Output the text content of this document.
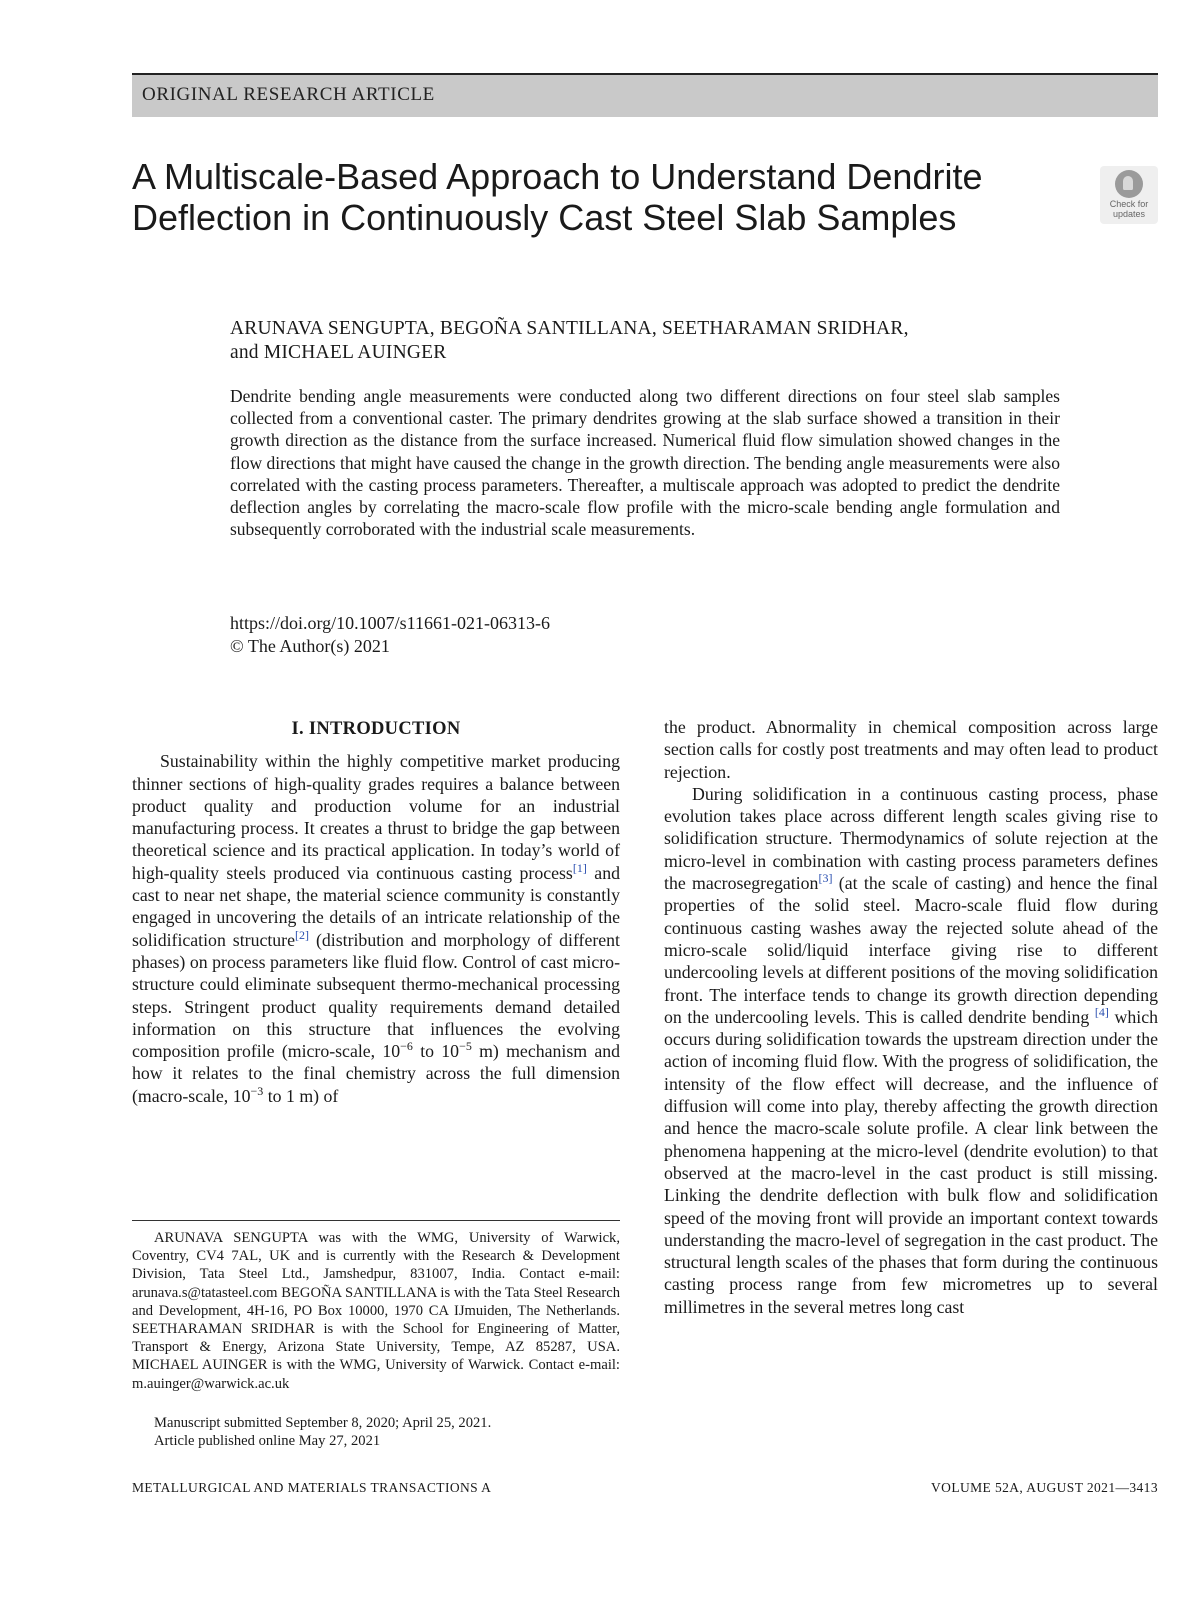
ORIGINAL RESEARCH ARTICLE
A Multiscale-Based Approach to Understand Dendrite Deflection in Continuously Cast Steel Slab Samples	Check for
updates
ARUNAVA SENGUPTA, BEGOÑA SANTILLANA, SEETHARAMAN SRIDHAR,
and MICHAEL AUINGER

Dendrite bending angle measurements were conducted along two different directions on four steel slab samples collected from a conventional caster. The primary dendrites growing at the slab surface showed a transition in their growth direction as the distance from the surface increased. Numerical fluid flow simulation showed changes in the flow directions that might have caused the change in the growth direction. The bending angle measurements were also correlated with the casting process parameters. Thereafter, a multiscale approach was adopted to predict the dendrite deflection angles by correlating the macro-scale flow profile with the micro-scale bending angle formulation and subsequently corroborated with the industrial scale measurements.

https://doi.org/10.1007/s11661-021-06313-6
© The Author(s) 2021
I. INTRODUCTION

Sustainability within the highly competitive market producing thinner sections of high-quality grades requires a balance between product quality and production volume for an industrial manufacturing process. It creates a thrust to bridge the gap between theoretical science and its practical application. In today’s world of high-quality steels produced via continuous casting process[1] and cast to near net shape, the material science community is constantly engaged in uncovering the details of an intricate relationship of the solidification structure[2] (distribution and morphology of different phases) on process parameters like fluid flow. Control of cast micro-structure could eliminate subsequent thermo-mechanical processing steps. Stringent product quality requirements demand detailed information on this structure that influences the evolving composition profile (micro-scale, $10^{-6}$ to $10^{-5}$ m) mechanism and how it relates to the final chemistry across the full dimension (macro-scale, $10^{-3}$ to 1 m) of

the product. Abnormality in chemical composition across large section calls for costly post treatments and may often lead to product rejection.

During solidification in a continuous casting process, phase evolution takes place across different length scales giving rise to solidification structure. Thermodynamics of solute rejection at the micro-level in combination with casting process parameters defines the macrosegregation[3] (at the scale of casting) and hence the final properties of the solid steel. Macro-scale fluid flow during continuous casting washes away the rejected solute ahead of the micro-scale solid/liquid interface giving rise to different undercooling levels at different positions of the moving solidification front. The interface tends to change its growth direction depending on the undercooling levels. This is called dendrite bending [4] which occurs during solidification towards the upstream direction under the action of incoming fluid flow. With the progress of solidification, the intensity of the flow effect will decrease, and the influence of diffusion will come into play, thereby affecting the growth direction and hence the macro-scale solute profile. A clear link between the phenomena happening at the micro-level (dendrite evolution) to that observed at the macro-level in the cast product is still missing. Linking the dendrite deflection with bulk flow and solidification speed of the moving front will provide an important context towards understanding the macro-level of segregation in the cast product. The structural length scales of the phases that form during the continuous casting process range from few micrometres up to several millimetres in the several metres long cast

ARUNAVA SENGUPTA was with the WMG, University of Warwick, Coventry, CV4 7AL, UK and is currently with the Research & Development Division, Tata Steel Ltd., Jamshedpur, 831007, India. Contact e-mail: arunava.s@tatasteel.com BEGOÑA SANTILLANA is with the Tata Steel Research and Development, 4H-16, PO Box 10000, 1970 CA IJmuiden, The Netherlands. SEETHARAMAN SRIDHAR is with the School for Engineering of Matter, Transport & Energy, Arizona State University, Tempe, AZ 85287, USA. MICHAEL AUINGER is with the WMG, University of Warwick. Contact e-mail: m.auinger@warwick.ac.uk

Manuscript submitted September 8, 2020; April 25, 2021.
Article published online May 27, 2021
METALLURGICAL AND MATERIALS TRANSACTIONS A	VOLUME 52A, AUGUST 2021—3413
